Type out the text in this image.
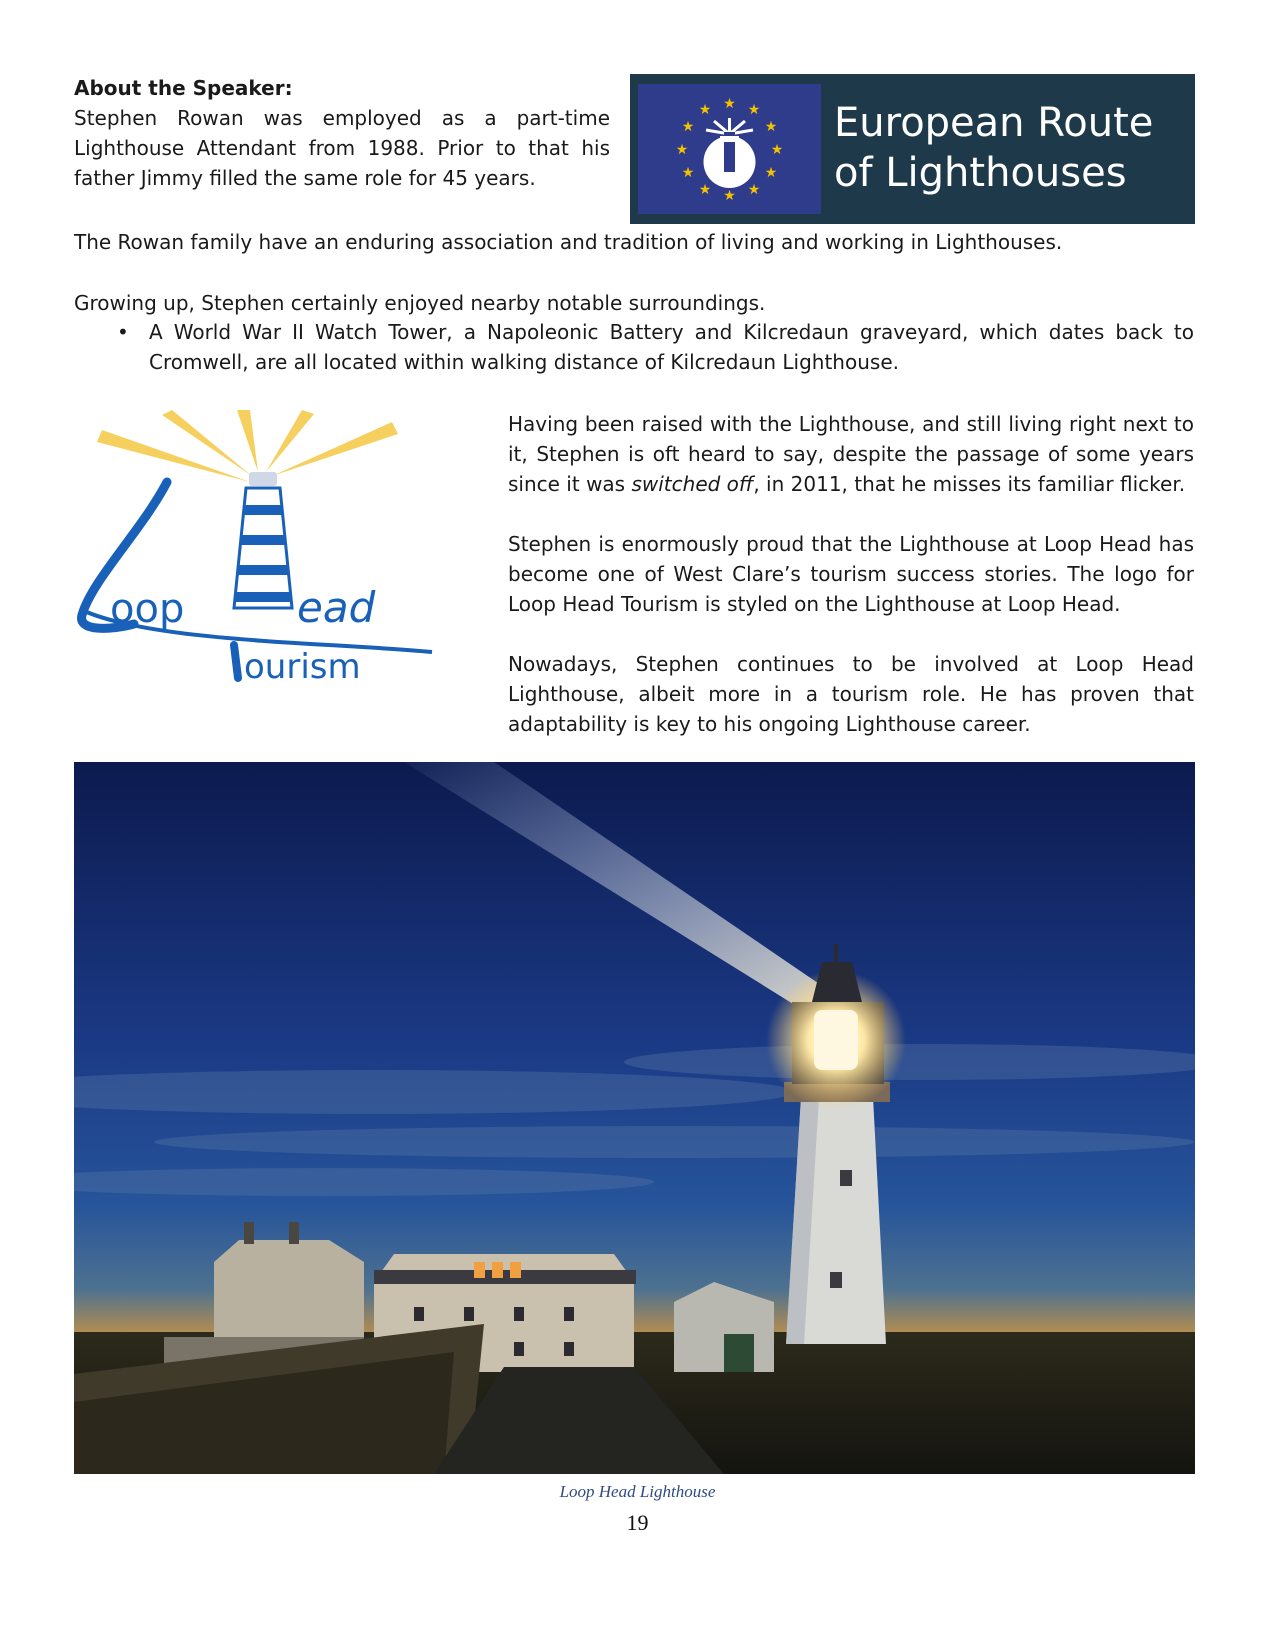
About the Speaker:

Stephen Rowan was employed as a part-time Lighthouse Attendant from 1988. Prior to that his father Jimmy filled the same role for 45 years.

★ ★
★
★
★
★
★
★
★
★
★
★	European Route
of Lighthouses
The Rowan family have an enduring association and tradition of living and working in Lighthouses.
Growing up, Stephen certainly enjoyed nearby notable surroundings.
• A World War II Watch Tower, a Napoleonic Battery and Kilcredaun graveyard, which dates back to Cromwell, are all located within walking distance of Kilcredaun Lighthouse.
oop	ead
ourism

Having been raised with the Lighthouse, and still living right next to it, Stephen is oft heard to say, despite the passage of some years since it was switched off, in 2011, that he misses its familiar flicker.

Stephen is enormously proud that the Lighthouse at Loop Head has become one of West Clare’s tourism success stories. The logo for Loop Head Tourism is styled on the Lighthouse at Loop Head.

Nowadays, Stephen continues to be involved at Loop Head Lighthouse, albeit more in a tourism role. He has proven that adaptability is key to his ongoing Lighthouse career.

Loop Head Lighthouse
19
